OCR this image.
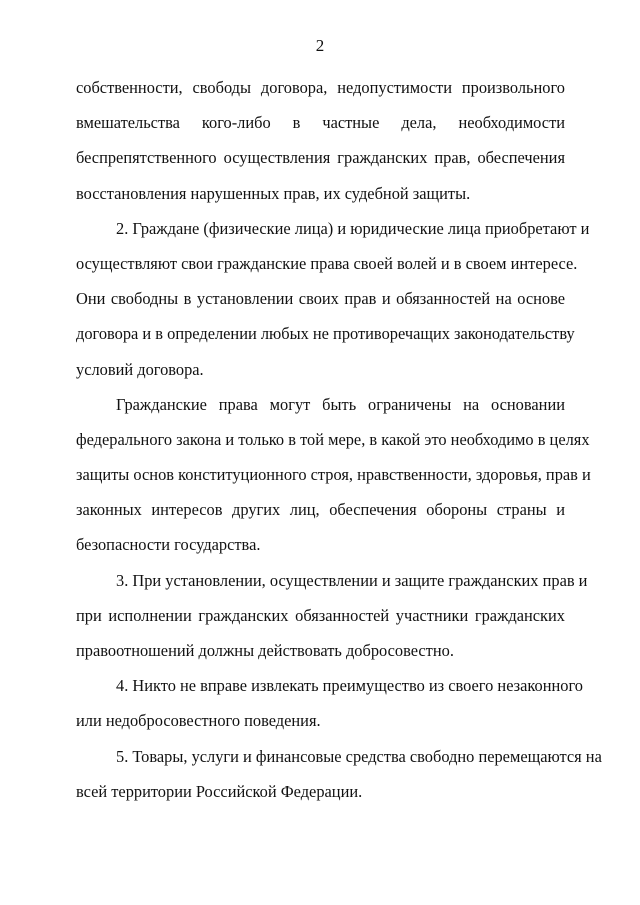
2
собственности, свободы договора, недопустимости произвольного
вмешательства кого-либо в частные дела, необходимости
беспрепятственного осуществления гражданских прав, обеспечения
восстановления нарушенных прав, их судебной защиты.
2. Граждане (физические лица) и юридические лица приобретают и
осуществляют свои гражданские права своей волей и в своем интересе.
Они свободны в установлении своих прав и обязанностей на основе
договора и в определении любых не противоречащих законодательству
условий договора.
Гражданские права могут быть ограничены на основании
федерального закона и только в той мере, в какой это необходимо в целях
защиты основ конституционного строя, нравственности, здоровья, прав и
законных интересов других лиц, обеспечения обороны страны и
безопасности государства.
3. При установлении, осуществлении и защите гражданских прав и
при исполнении гражданских обязанностей участники гражданских
правоотношений должны действовать добросовестно.
4. Никто не вправе извлекать преимущество из своего незаконного
или недобросовестного поведения.
5. Товары, услуги и финансовые средства свободно перемещаются на
всей территории Российской Федерации.
